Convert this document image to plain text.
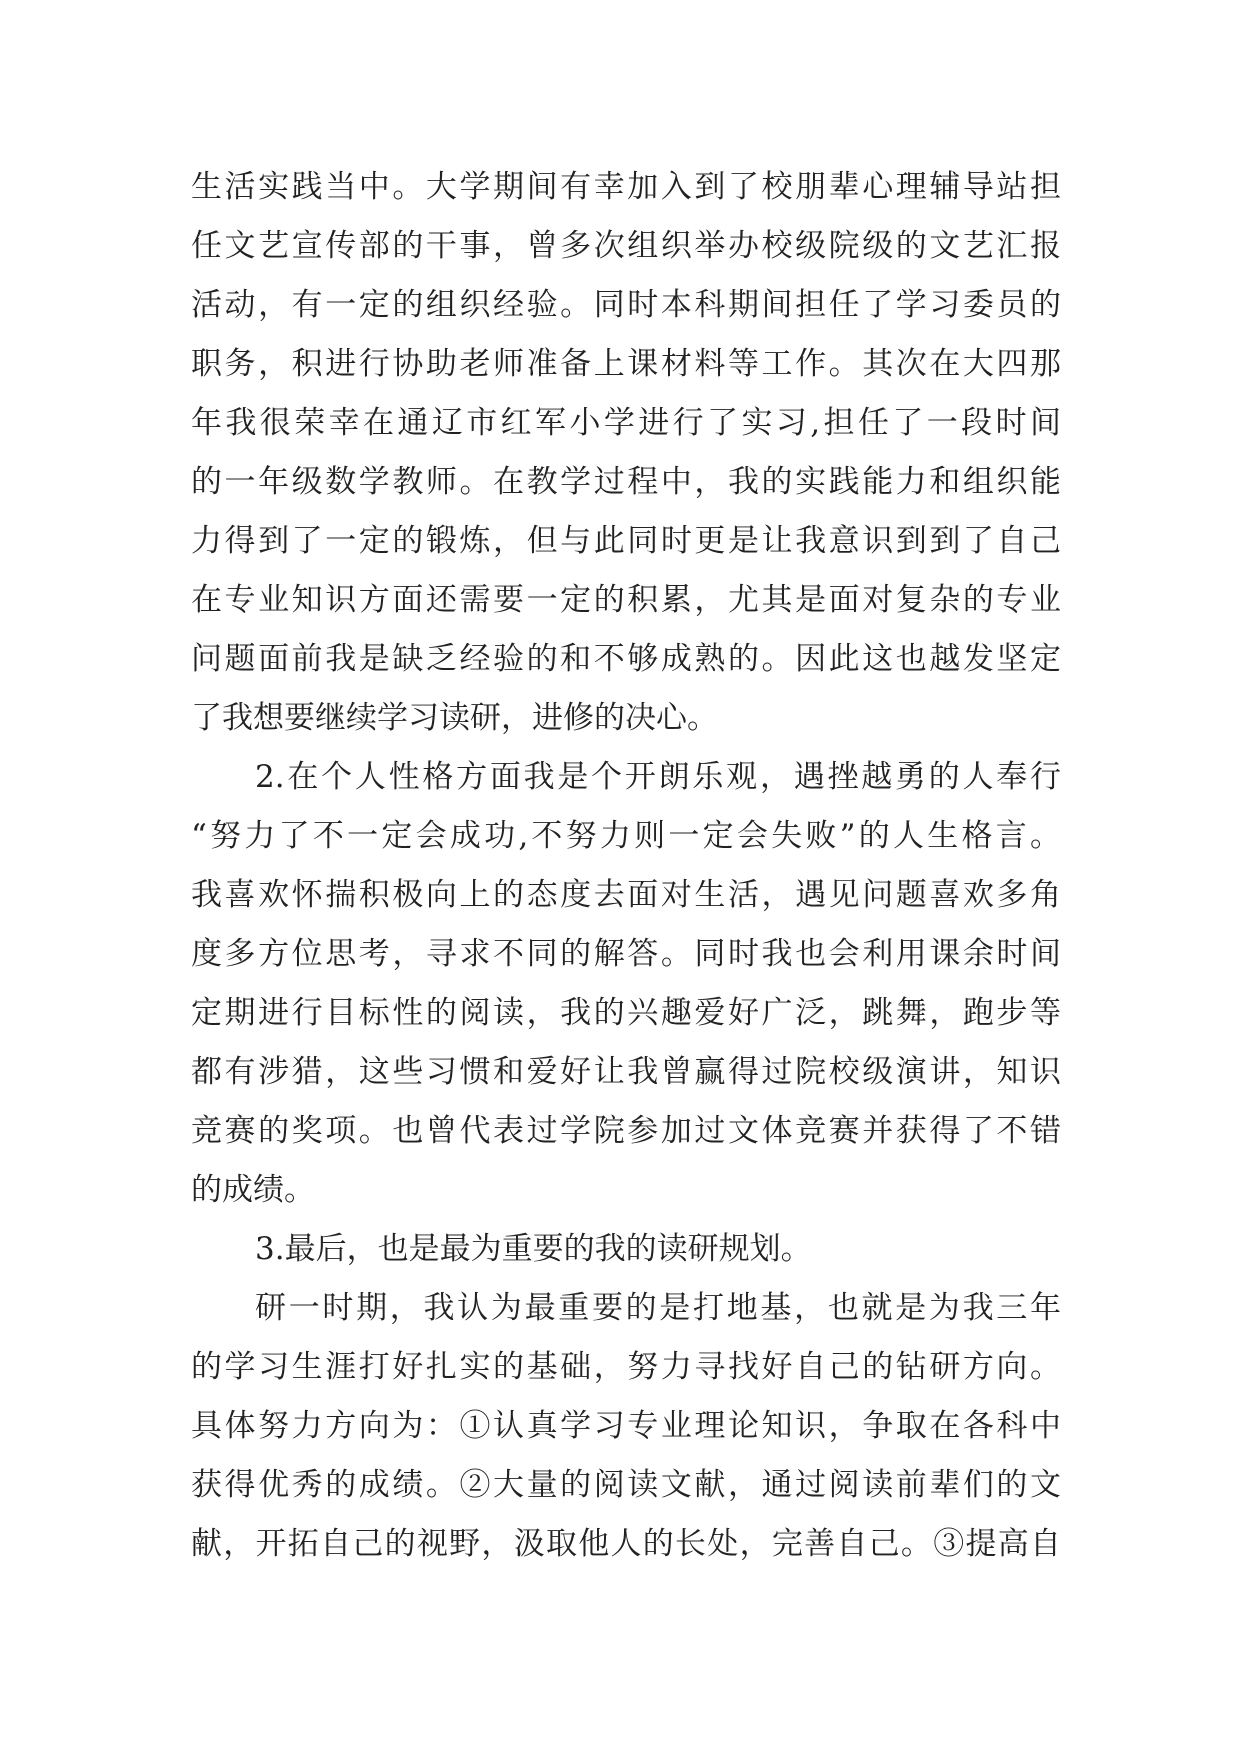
生活实践当中。大学期间有幸加入到了校朋辈心理辅导站担
任文艺宣传部的干事，曾多次组织举办校级院级的文艺汇报
活动，有一定的组织经验。同时本科期间担任了学习委员的
职务，积进行协助老师准备上课材料等工作。其次在大四那
年我很荣幸在通辽市红军小学进行了实习,担任了一段时间
的一年级数学教师。在教学过程中，我的实践能力和组织能
力得到了一定的锻炼，但与此同时更是让我意识到到了自己
在专业知识方面还需要一定的积累，尤其是面对复杂的专业
问题面前我是缺乏经验的和不够成熟的。因此这也越发坚定
了我想要继续学习读研，进修的决心。
2.在个人性格方面我是个开朗乐观，遇挫越勇的人奉行
“努力了不一定会成功,不努力则一定会失败”的人生格言。
我喜欢怀揣积极向上的态度去面对生活，遇见问题喜欢多角
度多方位思考，寻求不同的解答。同时我也会利用课余时间
定期进行目标性的阅读，我的兴趣爱好广泛，跳舞，跑步等
都有涉猎，这些习惯和爱好让我曾赢得过院校级演讲，知识
竞赛的奖项。也曾代表过学院参加过文体竞赛并获得了不错
的成绩。
3.最后，也是最为重要的我的读研规划。
研一时期，我认为最重要的是打地基，也就是为我三年
的学习生涯打好扎实的基础，努力寻找好自己的钻研方向。
具体努力方向为：①认真学习专业理论知识，争取在各科中
获得优秀的成绩。②大量的阅读文献，通过阅读前辈们的文
献，开拓自己的视野，汲取他人的长处，完善自己。③提高自
